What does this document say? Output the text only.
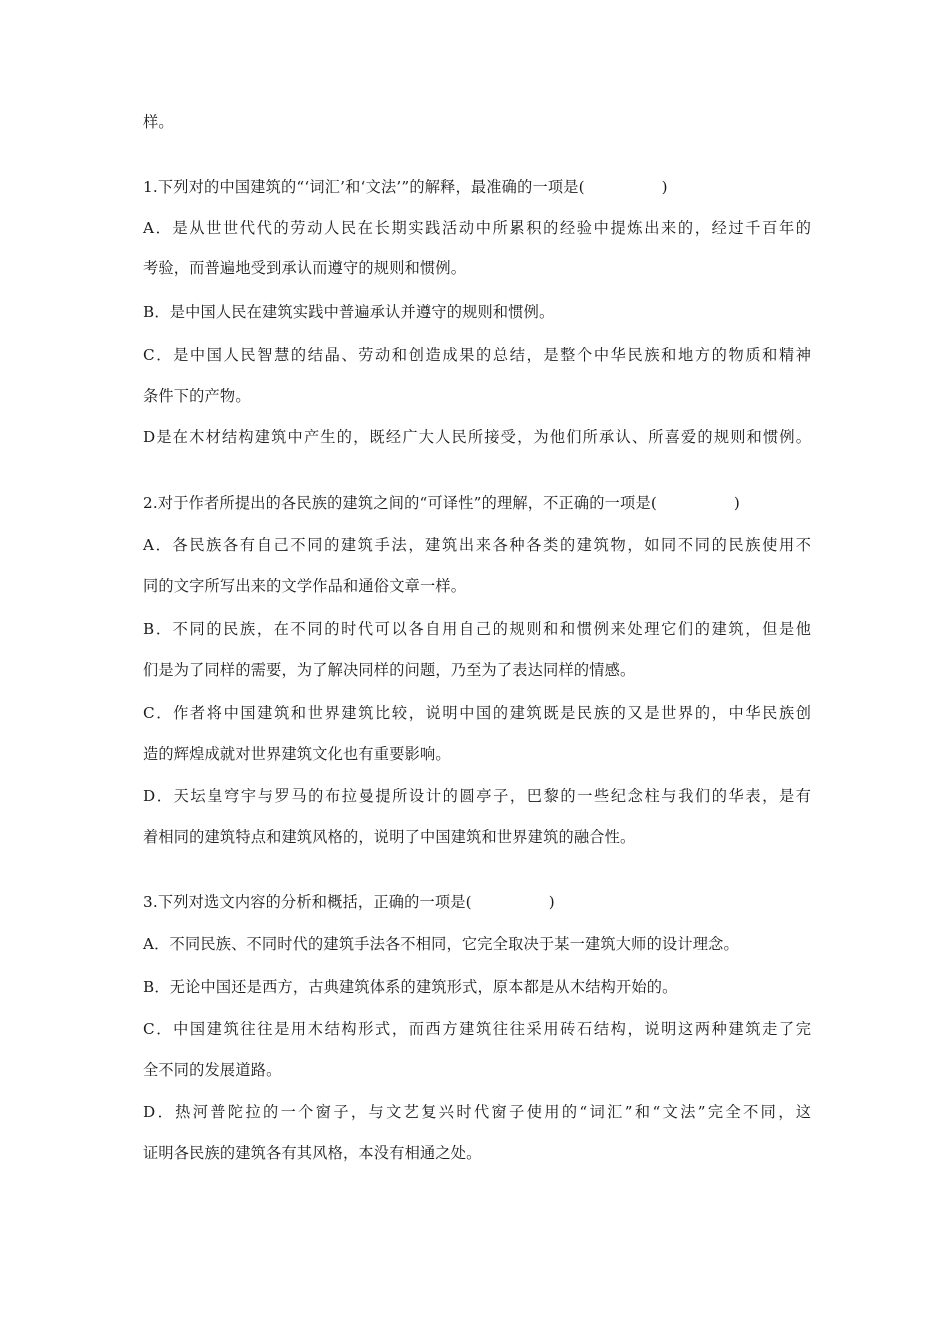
样。
1.下列对的中国建筑的“‘词汇’和‘文法’”的解释，最准确的一项是(　　　　　)
A．是从世世代代的劳动人民在长期实践活动中所累积的经验中提炼出来的，经过千百年的
考验，而普遍地受到承认而遵守的规则和惯例。
B．是中国人民在建筑实践中普遍承认并遵守的规则和惯例。
C．是中国人民智慧的结晶、劳动和创造成果的总结，是整个中华民族和地方的物质和精神
条件下的产物。
D是在木材结构建筑中产生的，既经广大人民所接受，为他们所承认、所喜爱的规则和惯例。
2.对于作者所提出的各民族的建筑之间的“可译性”的理解，不正确的一项是(　　　　　)
A．各民族各有自己不同的建筑手法，建筑出来各种各类的建筑物，如同不同的民族使用不
同的文字所写出来的文学作品和通俗文章一样。
B．不同的民族，在不同的时代可以各自用自己的规则和和惯例来处理它们的建筑，但是他
们是为了同样的需要，为了解决同样的问题，乃至为了表达同样的情感。
C．作者将中国建筑和世界建筑比较，说明中国的建筑既是民族的又是世界的，中华民族创
造的辉煌成就对世界建筑文化也有重要影响。
D．天坛皇穹宇与罗马的布拉曼提所设计的圆亭子，巴黎的一些纪念柱与我们的华表，是有
着相同的建筑特点和建筑风格的，说明了中国建筑和世界建筑的融合性。
3.下列对选文内容的分析和概括，正确的一项是(　　　　　)
A．不同民族、不同时代的建筑手法各不相同，它完全取决于某一建筑大师的设计理念。
B．无论中国还是西方，古典建筑体系的建筑形式，原本都是从木结构开始的。
C．中国建筑往往是用木结构形式，而西方建筑往往采用砖石结构，说明这两种建筑走了完
全不同的发展道路。
D．热河普陀拉的一个窗子，与文艺复兴时代窗子使用的“词汇”和“文法”完全不同，这
证明各民族的建筑各有其风格，本没有相通之处。
